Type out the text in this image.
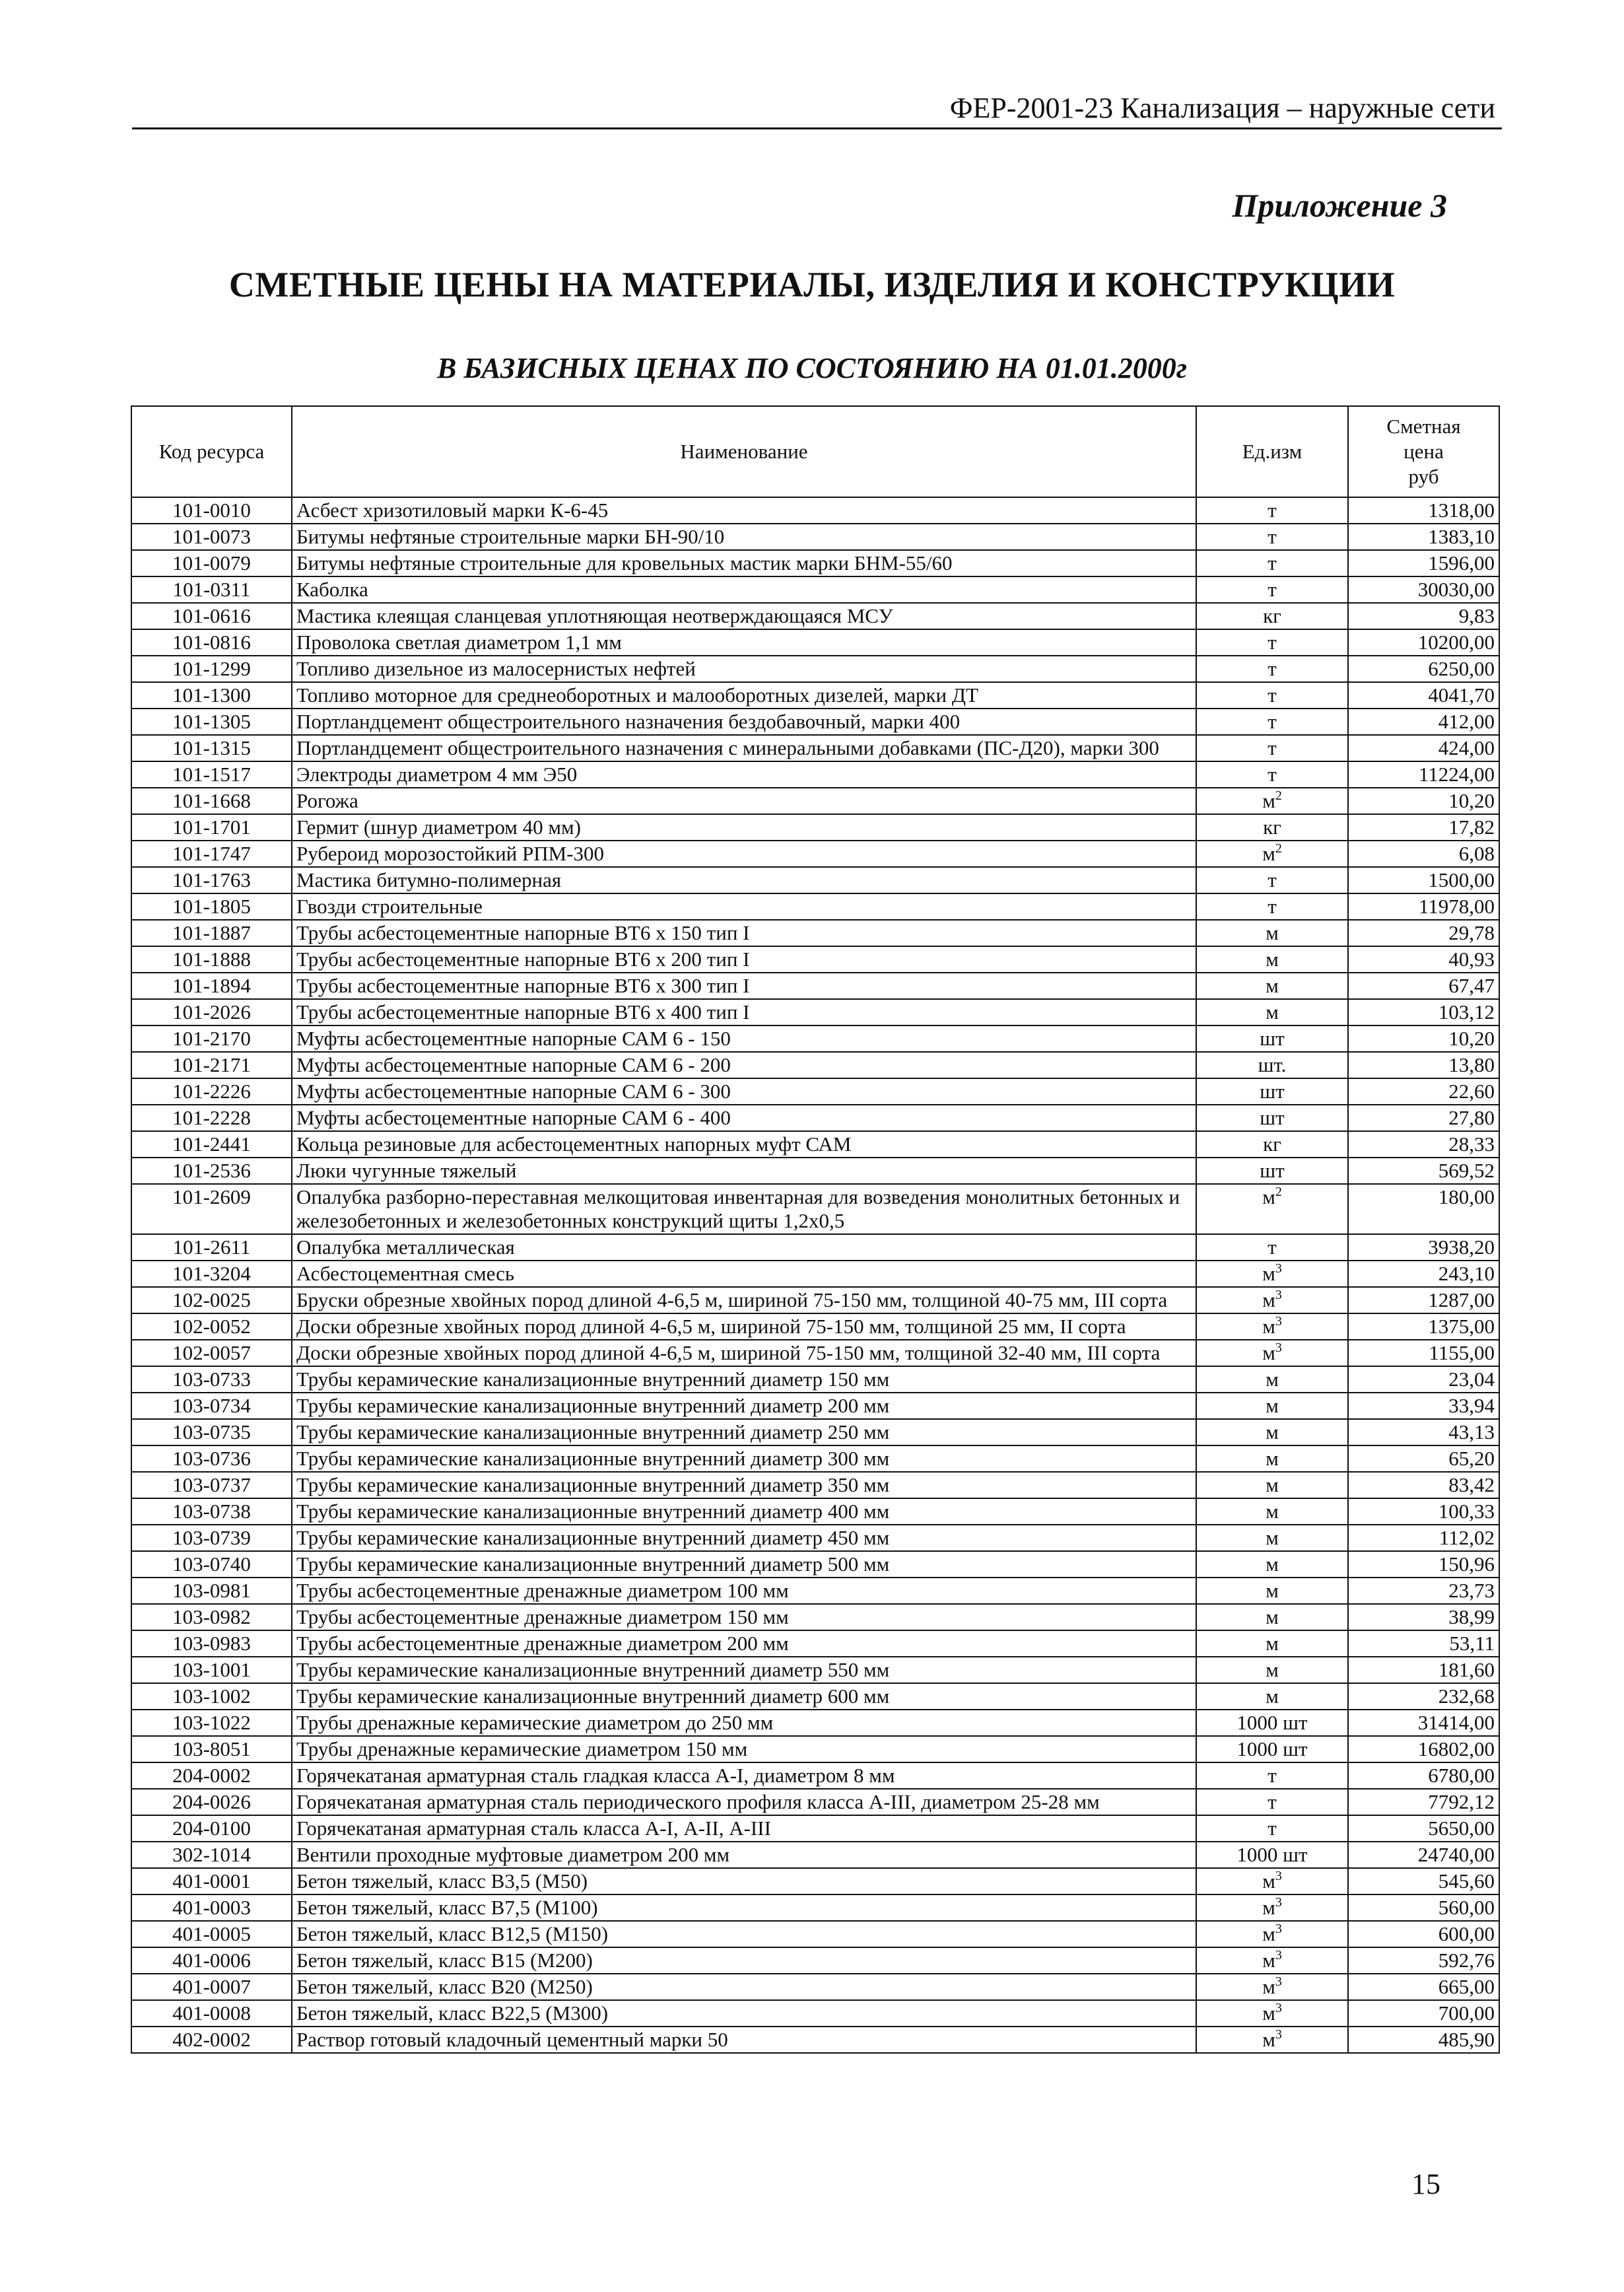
ФЕР-2001-23 Канализация – наружные сети
Приложение 3
СМЕТНЫЕ ЦЕНЫ НА МАТЕРИАЛЫ, ИЗДЕЛИЯ И КОНСТРУКЦИИ
В БАЗИСНЫХ ЦЕНАХ ПО СОСТОЯНИЮ НА 01.01.2000г
Код ресурса	Наименование	Ед.изм	Сметная
цена
руб

101-0010	Асбест хризотиловый марки К-6-45	т	1318,00
101-0073	Битумы нефтяные строительные марки БН-90/10	т	1383,10
101-0079	Битумы нефтяные строительные для кровельных мастик марки БНМ-55/60	т	1596,00
101-0311	Каболка	т	30030,00
101-0616	Мастика клеящая сланцевая уплотняющая неотверждающаяся МСУ	кг	9,83
101-0816	Проволока светлая диаметром 1,1 мм	т	10200,00
101-1299	Топливо дизельное из малосернистых нефтей	т	6250,00
101-1300	Топливо моторное для среднеоборотных и малооборотных дизелей, марки ДТ	т	4041,70
101-1305	Портландцемент общестроительного назначения бездобавочный, марки 400	т	412,00
101-1315	Портландцемент общестроительного назначения с минеральными добавками (ПС-Д20), марки 300	т	424,00
101-1517	Электроды диаметром 4 мм Э50	т	11224,00
101-1668	Рогожа	$м^2$	10,20
101-1701	Гермит (шнур диаметром 40 мм)	кг	17,82
101-1747	Рубероид морозостойкий РПМ-300	$м^2$	6,08
101-1763	Мастика битумно-полимерная	т	1500,00
101-1805	Гвозди строительные	т	11978,00
101-1887	Трубы асбестоцементные напорные ВТ6 х 150 тип I	м	29,78
101-1888	Трубы асбестоцементные напорные ВТ6 х 200 тип I	м	40,93
101-1894	Трубы асбестоцементные напорные ВТ6 х 300 тип I	м	67,47
101-2026	Трубы асбестоцементные напорные ВТ6 х 400 тип I	м	103,12
101-2170	Муфты асбестоцементные напорные САМ 6 - 150	шт	10,20
101-2171	Муфты асбестоцементные напорные САМ 6 - 200	шт.	13,80
101-2226	Муфты асбестоцементные напорные САМ 6 - 300	шт	22,60
101-2228	Муфты асбестоцементные напорные САМ 6 - 400	шт	27,80
101-2441	Кольца резиновые для асбестоцементных напорных муфт САМ	кг	28,33
101-2536	Люки чугунные тяжелый	шт	569,52
101-2609	Опалубка разборно-переставная мелкощитовая инвентарная для возведения монолитных бетонных и железобетонных и железобетонных конструкций щиты 1,2х0,5	$м^2$	180,00
101-2611	Опалубка металлическая	т	3938,20
101-3204	Асбестоцементная смесь	$м^3$	243,10
102-0025	Бруски обрезные хвойных пород длиной 4-6,5 м, шириной 75-150 мм, толщиной 40-75 мм, III сорта	$м^3$	1287,00
102-0052	Доски обрезные хвойных пород длиной 4-6,5 м, шириной 75-150 мм, толщиной 25 мм, II сорта	$м^3$	1375,00
102-0057	Доски обрезные хвойных пород длиной 4-6,5 м, шириной 75-150 мм, толщиной 32-40 мм, III сорта	$м^3$	1155,00
103-0733	Трубы керамические канализационные внутренний диаметр 150 мм	м	23,04
103-0734	Трубы керамические канализационные внутренний диаметр 200 мм	м	33,94
103-0735	Трубы керамические канализационные внутренний диаметр 250 мм	м	43,13
103-0736	Трубы керамические канализационные внутренний диаметр 300 мм	м	65,20
103-0737	Трубы керамические канализационные внутренний диаметр 350 мм	м	83,42
103-0738	Трубы керамические канализационные внутренний диаметр 400 мм	м	100,33
103-0739	Трубы керамические канализационные внутренний диаметр 450 мм	м	112,02
103-0740	Трубы керамические канализационные внутренний диаметр 500 мм	м	150,96
103-0981	Трубы асбестоцементные дренажные диаметром 100 мм	м	23,73
103-0982	Трубы асбестоцементные дренажные диаметром 150 мм	м	38,99
103-0983	Трубы асбестоцементные дренажные диаметром 200 мм	м	53,11
103-1001	Трубы керамические канализационные внутренний диаметр 550 мм	м	181,60
103-1002	Трубы керамические канализационные внутренний диаметр 600 мм	м	232,68
103-1022	Трубы дренажные керамические диаметром до 250 мм	1000 шт	31414,00
103-8051	Трубы дренажные керамические диаметром 150 мм	1000 шт	16802,00
204-0002	Горячекатаная арматурная сталь гладкая класса А-I, диаметром 8 мм	т	6780,00
204-0026	Горячекатаная арматурная сталь периодического профиля класса А-III, диаметром 25-28 мм	т	7792,12
204-0100	Горячекатаная арматурная сталь класса А-I, А-II, А-III	т	5650,00
302-1014	Вентили проходные муфтовые диаметром 200 мм	1000 шт	24740,00
401-0001	Бетон тяжелый, класс В3,5 (М50)	$м^3$	545,60
401-0003	Бетон тяжелый, класс В7,5 (М100)	$м^3$	560,00
401-0005	Бетон тяжелый, класс В12,5 (М150)	$м^3$	600,00
401-0006	Бетон тяжелый, класс В15 (М200)	$м^3$	592,76
401-0007	Бетон тяжелый, класс В20 (М250)	$м^3$	665,00
401-0008	Бетон тяжелый, класс В22,5 (М300)	$м^3$	700,00
402-0002	Раствор готовый кладочный цементный марки 50	$м^3$	485,90
15
